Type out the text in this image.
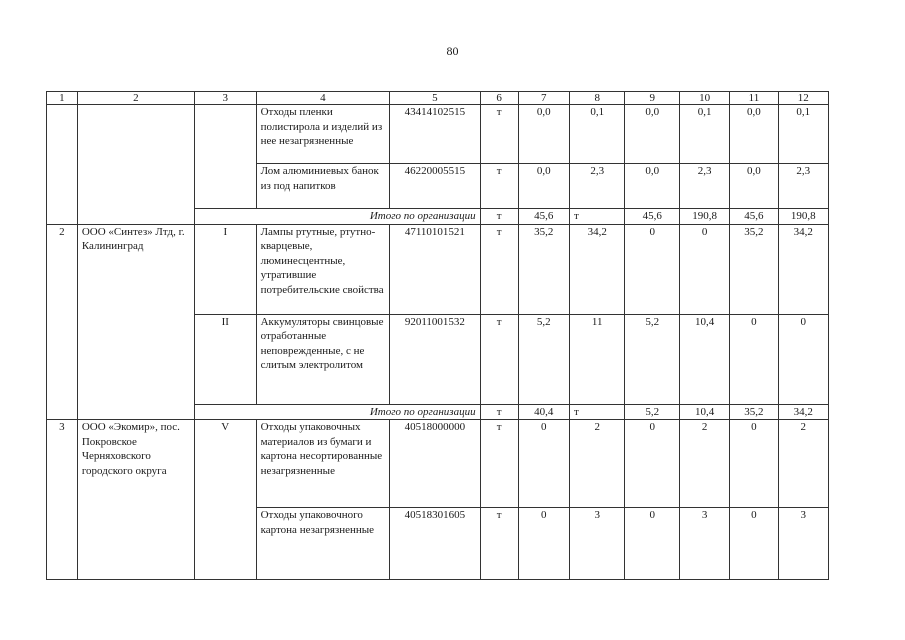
80
1	2	3	4	5	6	7	8	9	10	11	12
			Отходы пленки полистирола и изделий из нее незагрязненные	43414102515	т	0,0	0,1	0,0	0,1	0,0	0,1
			Лом алюминиевых банок из под напитков	46220005515	т	0,0	2,3	0,0	2,3	0,0	2,3
		Итого по организации			т	45,6	т	45,6	190,8	45,6	190,8
2	ООО «Синтез» Лтд, г. Калининград	I	Лампы ртутные, ртутно-кварцевые, люминесцентные, утратившие потребительские свойства	47110101521	т	35,2	34,2	0	0	35,2	34,2
		II	Аккумуляторы свинцовые отработанные неповрежденные, с не слитым электролитом	92011001532	т	5,2	11	5,2	10,4	0	0
		Итого по организации			т	40,4	т	5,2	10,4	35,2	34,2
3	ООО «Экомир», пос. Покровское Черняховского городского округа	V	Отходы упаковочных материалов из бумаги и картона несортированные незагрязненные	40518000000	т	0	2	0	2	0	2
			Отходы упаковочного картона незагрязненные	40518301605	т	0	3	0	3	0	3
